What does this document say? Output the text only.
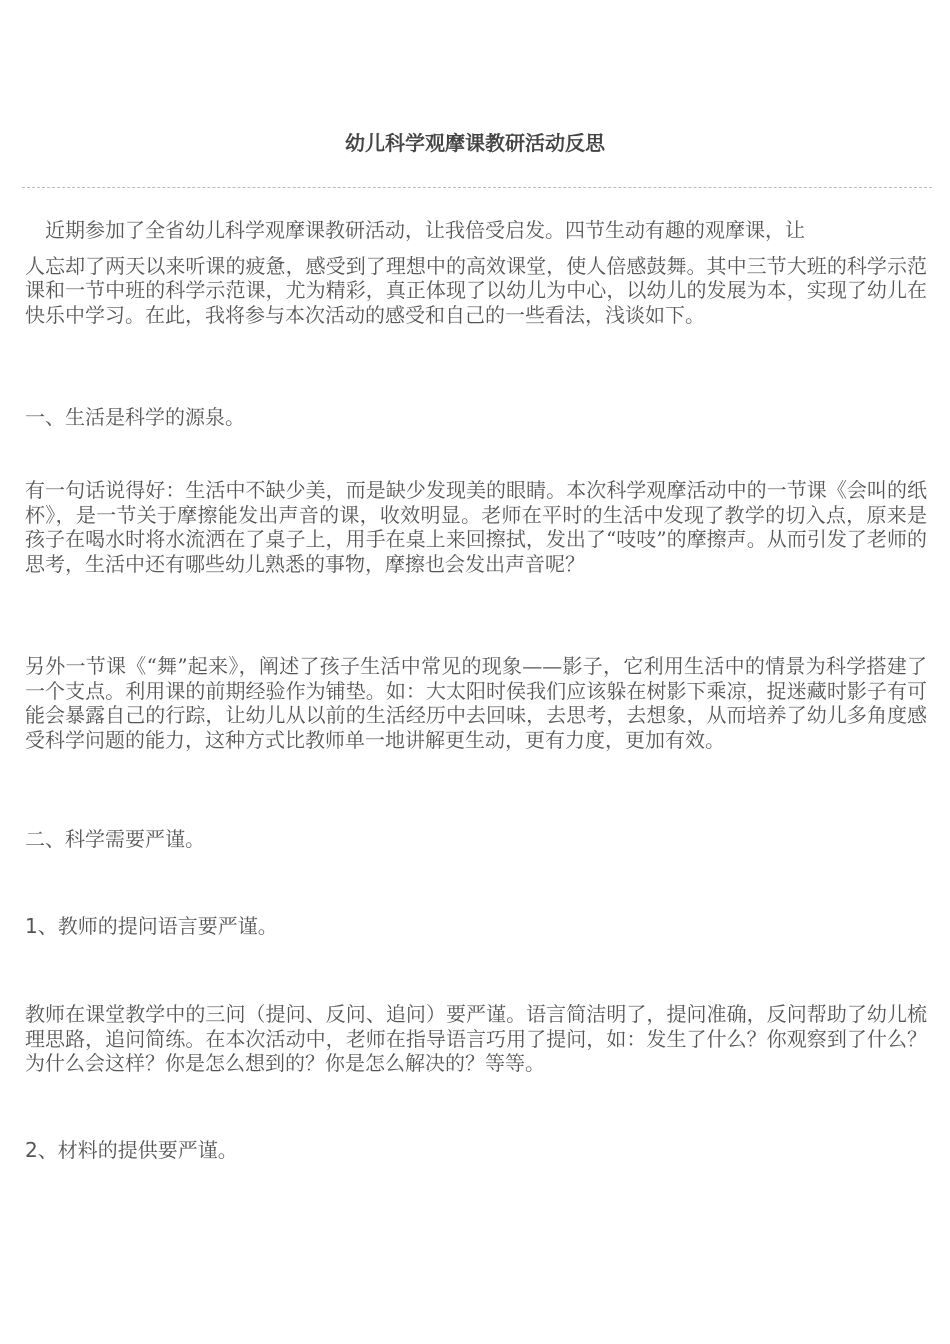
幼儿科学观摩课教研活动反思

近期参加了全省幼儿科学观摩课教研活动，让我倍受启发。四节生动有趣的观摩课，让
人忘却了两天以来听课的疲惫，感受到了理想中的高效课堂，使人倍感鼓舞。其中三节大班的科学示范课和一节中班的科学示范课，尤为精彩，真正体现了以幼儿为中心，以幼儿的发展为本，实现了幼儿在快乐中学习。在此，我将参与本次活动的感受和自己的一些看法，浅谈如下。

一、生活是科学的源泉。

有一句话说得好：生活中不缺少美，而是缺少发现美的眼睛。本次科学观摩活动中的一节课《会叫的纸杯》，是一节关于摩擦能发出声音的课，收效明显。老师在平时的生活中发现了教学的切入点，原来是孩子在喝水时将水流洒在了桌子上，用手在桌上来回擦拭，发出了“吱吱”的摩擦声。从而引发了老师的思考，生活中还有哪些幼儿熟悉的事物，摩擦也会发出声音呢？

另外一节课《“舞”起来》，阐述了孩子生活中常见的现象——影子，它利用生活中的情景为科学搭建了一个支点。利用课的前期经验作为铺垫。如：大太阳时侯我们应该躲在树影下乘凉，捉迷藏时影子有可能会暴露自己的行踪，让幼儿从以前的生活经历中去回味，去思考，去想象，从而培养了幼儿多角度感受科学问题的能力，这种方式比教师单一地讲解更生动，更有力度，更加有效。

二、科学需要严谨。

1、教师的提问语言要严谨。

教师在课堂教学中的三问（提问、反问、追问）要严谨。语言简洁明了，提问准确，反问帮助了幼儿梳理思路，追问简练。在本次活动中，老师在指导语言巧用了提问，如：发生了什么？你观察到了什么？为什么会这样？你是怎么想到的？你是怎么解决的？等等。

2、材料的提供要严谨。
